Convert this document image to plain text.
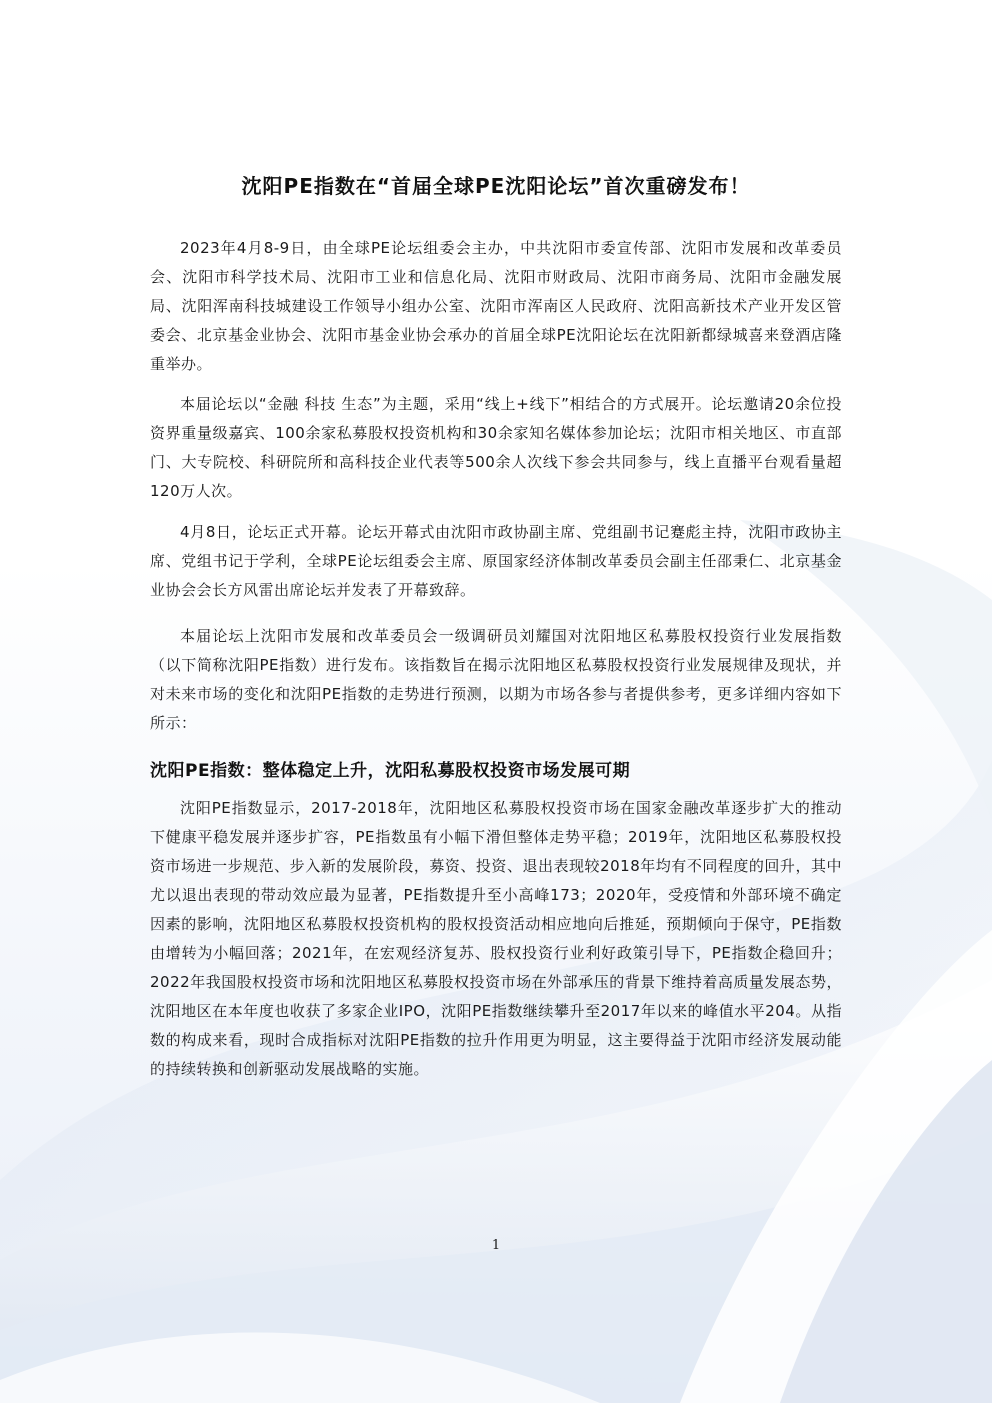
沈阳PE指数在“首届全球PE沈阳论坛”首次重磅发布！

2023年4月8-9日，由全球PE论坛组委会主办，中共沈阳市委宣传部、沈阳市发展和改革委员会、沈阳市科学技术局、沈阳市工业和信息化局、沈阳市财政局、沈阳市商务局、沈阳市金融发展局、沈阳浑南科技城建设工作领导小组办公室、沈阳市浑南区人民政府、沈阳高新技术产业开发区管委会、北京基金业协会、沈阳市基金业协会承办的首届全球PE沈阳论坛在沈阳新都绿城喜来登酒店隆重举办。

本届论坛以“金融 科技 生态”为主题，采用“线上+线下”相结合的方式展开。论坛邀请20余位投资界重量级嘉宾、100余家私募股权投资机构和30余家知名媒体参加论坛；沈阳市相关地区、市直部门、大专院校、科研院所和高科技企业代表等500余人次线下参会共同参与，线上直播平台观看量超120万人次。

4月8日，论坛正式开幕。论坛开幕式由沈阳市政协副主席、党组副书记蹇彪主持，沈阳市政协主席、党组书记于学利，全球PE论坛组委会主席、原国家经济体制改革委员会副主任邵秉仁、北京基金业协会会长方风雷出席论坛并发表了开幕致辞。

本届论坛上沈阳市发展和改革委员会一级调研员刘耀国对沈阳地区私募股权投资行业发展指数（以下简称沈阳PE指数）进行发布。该指数旨在揭示沈阳地区私募股权投资行业发展规律及现状，并对未来市场的变化和沈阳PE指数的走势进行预测，以期为市场各参与者提供参考，更多详细内容如下所示：

沈阳PE指数：整体稳定上升，沈阳私募股权投资市场发展可期

沈阳PE指数显示，2017-2018年，沈阳地区私募股权投资市场在国家金融改革逐步扩大的推动下健康平稳发展并逐步扩容，PE指数虽有小幅下滑但整体走势平稳；2019年，沈阳地区私募股权投资市场进一步规范、步入新的发展阶段，募资、投资、退出表现较2018年均有不同程度的回升，其中尤以退出表现的带动效应最为显著，PE指数提升至小高峰173；2020年，受疫情和外部环境不确定因素的影响，沈阳地区私募股权投资机构的股权投资活动相应地向后推延，预期倾向于保守，PE指数由增转为小幅回落；2021年，在宏观经济复苏、股权投资行业利好政策引导下，PE指数企稳回升；2022年我国股权投资市场和沈阳地区私募股权投资市场在外部承压的背景下维持着高质量发展态势，沈阳地区在本年度也收获了多家企业IPO，沈阳PE指数继续攀升至2017年以来的峰值水平204。从指数的构成来看，现时合成指标对沈阳PE指数的拉升作用更为明显，这主要得益于沈阳市经济发展动能的持续转换和创新驱动发展战略的实施。

1
